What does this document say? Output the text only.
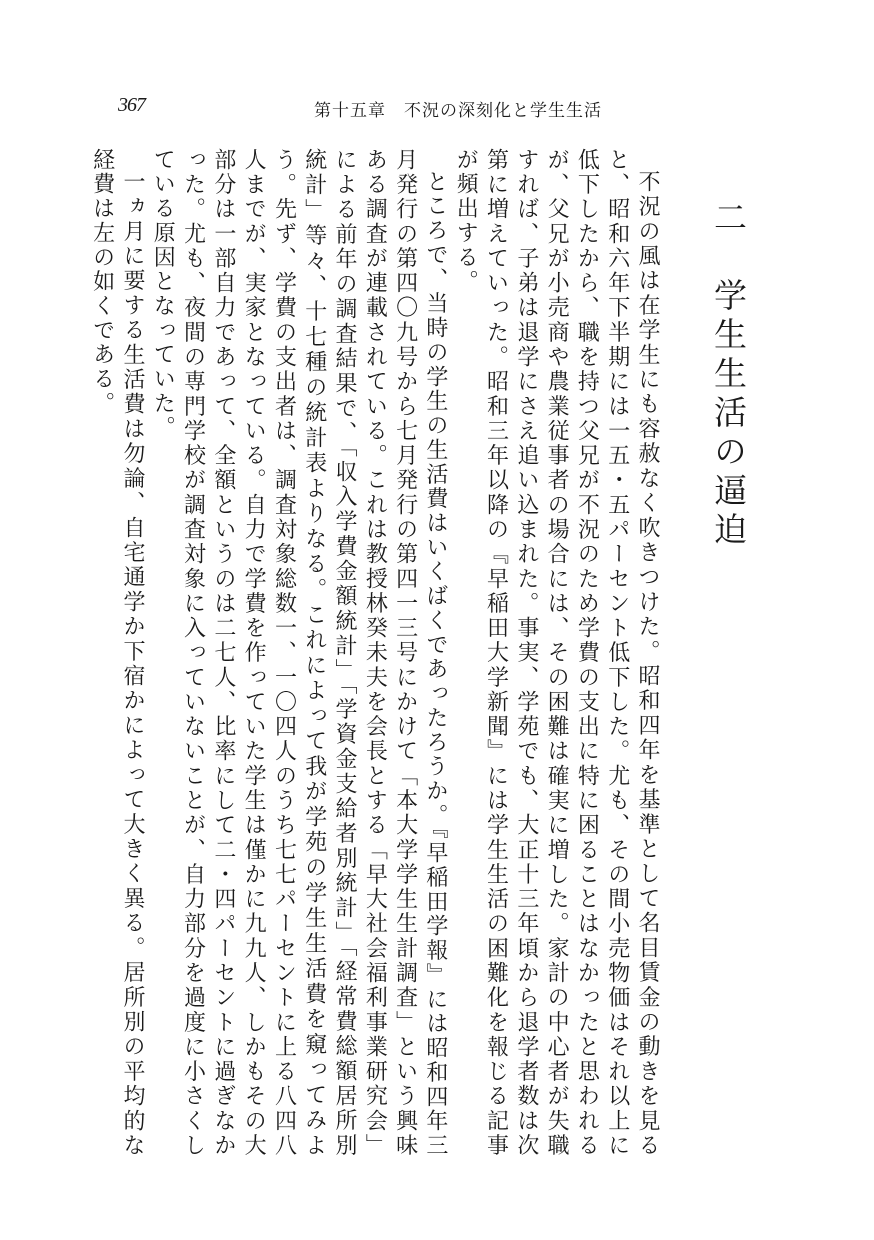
367	第十五章　不況の深刻化と学生生活
二　学生生活の逼迫

不況の風は在学生にも容赦なく吹きつけた。昭和四年を基準として名目賃金の動きを見ると、昭和六年下半期には一五・五パーセント低下した。尤も、その間小売物価はそれ以上に低下したから、職を持つ父兄が不況のため学費の支出に特に困ることはなかったと思われるが、父兄が小売商や農業従事者の場合には、その困難は確実に増した。家計の中心者が失職すれば、子弟は退学にさえ追い込まれた。事実、学苑でも、大正十三年頃から退学者数は次第に増えていった。昭和三年以降の『早稲田大学新聞』には学生生活の困難化を報じる記事が頻出する。

ところで、当時の学生の生活費はいくばくであったろうか。『早稲田学報』には昭和四年三月発行の第四〇九号から七月発行の第四一三号にかけて「本大学学生生計調査」という興味ある調査が連載されている。これは教授林癸未夫を会長とする「早大社会福利事業研究会」による前年の調査結果で、「収入学費金額統計」「学資金支給者別統計」「経常費総額居所別統計」等々、十七種の統計表よりなる。これによって我が学苑の学生生活費を窺ってみよう。先ず、学費の支出者は、調査対象総数一、一〇四人のうち七七パーセントに上る八四八人までが、実家となっている。自力で学費を作っていた学生は僅かに九九人、しかもその大部分は一部自力であって、全額というのは二七人、比率にして二・四パーセントに過ぎなかった。尤も、夜間の専門学校が調査対象に入っていないことが、自力部分を過度に小さくしている原因となっていた。

一ヵ月に要する生活費は勿論、自宅通学か下宿かによって大きく異る。居所別の平均的な経費は左の如くである。
